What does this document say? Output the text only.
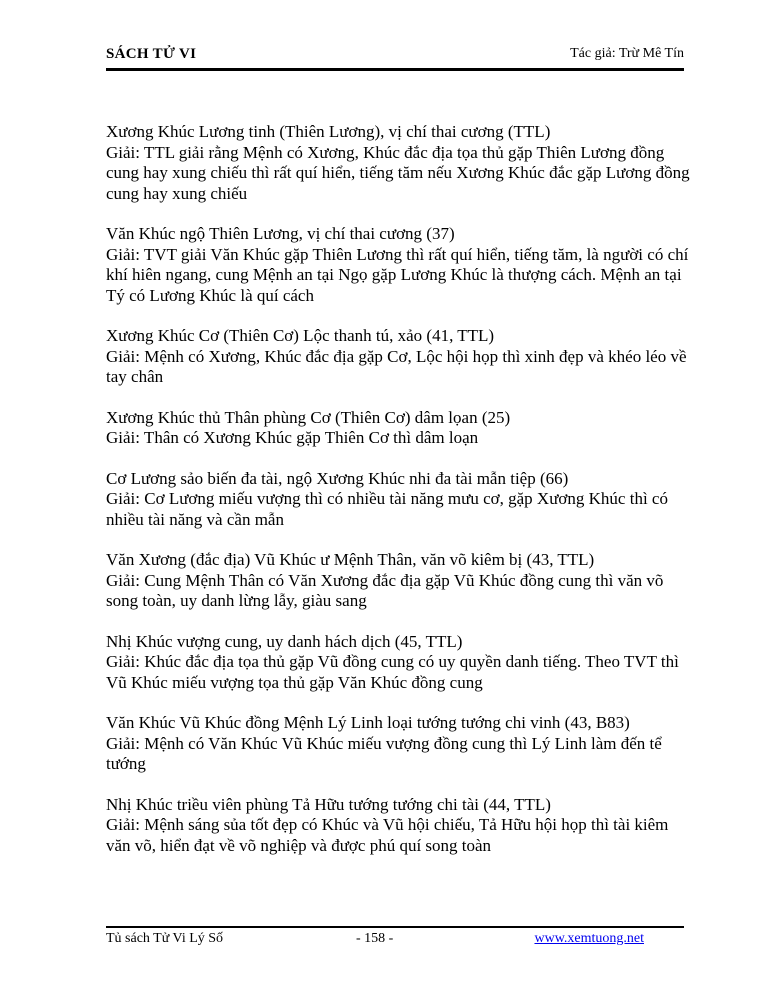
SÁCH TỬ VI	Tác giả: Trừ Mê Tín
Xương Khúc Lương tinh (Thiên Lương), vị chí thai cương (TTL)
Giải: TTL giải rằng Mệnh có Xương, Khúc đắc địa tọa thủ gặp Thiên Lương đồng cung hay xung chiếu thì rất quí hiển, tiếng tăm nếu Xương Khúc đắc gặp Lương đồng cung hay xung chiếu
Văn Khúc ngộ Thiên Lương, vị chí thai cương (37)
Giải: TVT giải Văn Khúc gặp Thiên Lương thì rất quí hiển, tiếng tăm, là người có chí khí hiên ngang, cung Mệnh an tại Ngọ gặp Lương Khúc là thượng cách. Mệnh an tại Tý có Lương Khúc là quí cách
Xương Khúc Cơ (Thiên Cơ) Lộc thanh tú, xảo (41, TTL)
Giải: Mệnh có Xương, Khúc đắc địa gặp Cơ, Lộc hội họp thì xinh đẹp và khéo léo về tay chân
Xương Khúc thủ Thân phùng Cơ (Thiên Cơ) dâm lọan (25)
Giải: Thân có Xương Khúc gặp Thiên Cơ thì dâm loạn
Cơ Lương sảo biến đa tài, ngộ Xương Khúc nhi đa tài mẫn tiệp (66)
Giải: Cơ Lương miếu vượng thì có nhiều tài năng mưu cơ, gặp Xương Khúc thì có nhiều tài năng và cần mẫn
Văn Xương (đắc địa) Vũ Khúc ư Mệnh Thân, văn võ kiêm bị (43, TTL)
Giải: Cung Mệnh Thân có Văn Xương đắc địa gặp Vũ Khúc đồng cung thì văn võ song toàn, uy danh lừng lẫy, giàu sang
Nhị Khúc vượng cung, uy danh hách dịch (45, TTL)
Giải: Khúc đắc địa tọa thủ gặp Vũ đồng cung có uy quyền danh tiếng. Theo TVT thì Vũ Khúc miếu vượng tọa thủ gặp Văn Khúc đồng cung
Văn Khúc Vũ Khúc đồng Mệnh Lý Linh loại tướng tướng chi vinh (43, B83)
Giải: Mệnh có Văn Khúc Vũ Khúc miếu vượng đồng cung thì Lý Linh làm đến tể tướng
Nhị Khúc triều viên phùng Tả Hữu tướng tướng chi tài (44, TTL)
Giải: Mệnh sáng sủa tốt đẹp có Khúc và Vũ hội chiếu, Tả Hữu hội họp thì tài kiêm văn võ, hiển đạt về võ nghiệp và được phú quí song toàn
Tủ sách Tử Vi Lý Số	- 158 -	www.xemtuong.net
